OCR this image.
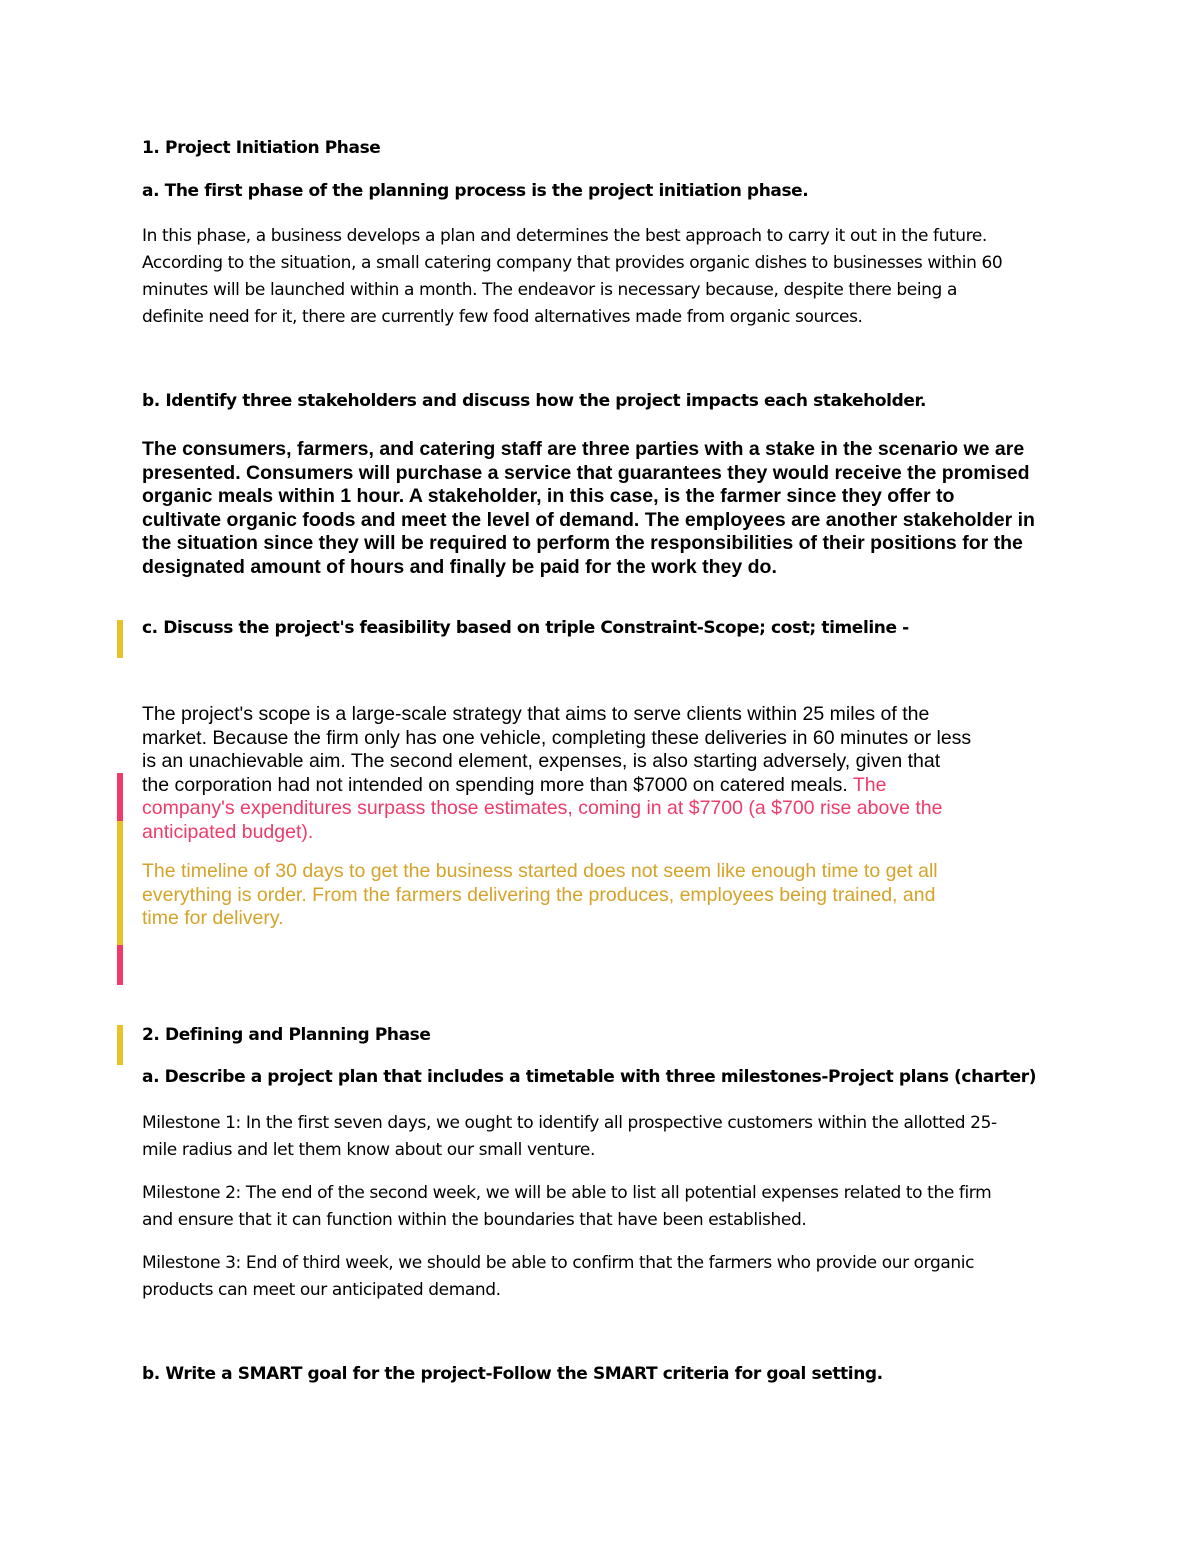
1. Project Initiation Phase

a. The first phase of the planning process is the project initiation phase.

In this phase, a business develops a plan and determines the best approach to carry it out in the future.
According to the situation, a small catering company that provides organic dishes to businesses within 60
minutes will be launched within a month. The endeavor is necessary because, despite there being a
definite need for it, there are currently few food alternatives made from organic sources.

b. Identify three stakeholders and discuss how the project impacts each stakeholder.

The consumers, farmers, and catering staff are three parties with a stake in the scenario we are
presented. Consumers will purchase a service that guarantees they would receive the promised
organic meals within 1 hour. A stakeholder, in this case, is the farmer since they offer to
cultivate organic foods and meet the level of demand. The employees are another stakeholder in
the situation since they will be required to perform the responsibilities of their positions for the
designated amount of hours and finally be paid for the work they do.

c. Discuss the project's feasibility based on triple Constraint-Scope; cost; timeline -

The project's scope is a large-scale strategy that aims to serve clients within 25 miles of the
market. Because the firm only has one vehicle, completing these deliveries in 60 minutes or less
is an unachievable aim. The second element, expenses, is also starting adversely, given that
the corporation had not intended on spending more than $7000 on catered meals. The
company's expenditures surpass those estimates, coming in at $7700 (a $700 rise above the
anticipated budget).
The timeline of 30 days to get the business started does not seem like enough time to get all
everything is order. From the farmers delivering the produces, employees being trained, and
time for delivery.

2. Defining and Planning Phase

a. Describe a project plan that includes a timetable with three milestones-Project plans (charter)

Milestone 1: In the first seven days, we ought to identify all prospective customers within the allotted 25-
mile radius and let them know about our small venture.
Milestone 2: The end of the second week, we will be able to list all potential expenses related to the firm
and ensure that it can function within the boundaries that have been established.
Milestone 3: End of third week, we should be able to confirm that the farmers who provide our organic
products can meet our anticipated demand.

b. Write a SMART goal for the project-Follow the SMART criteria for goal setting.
